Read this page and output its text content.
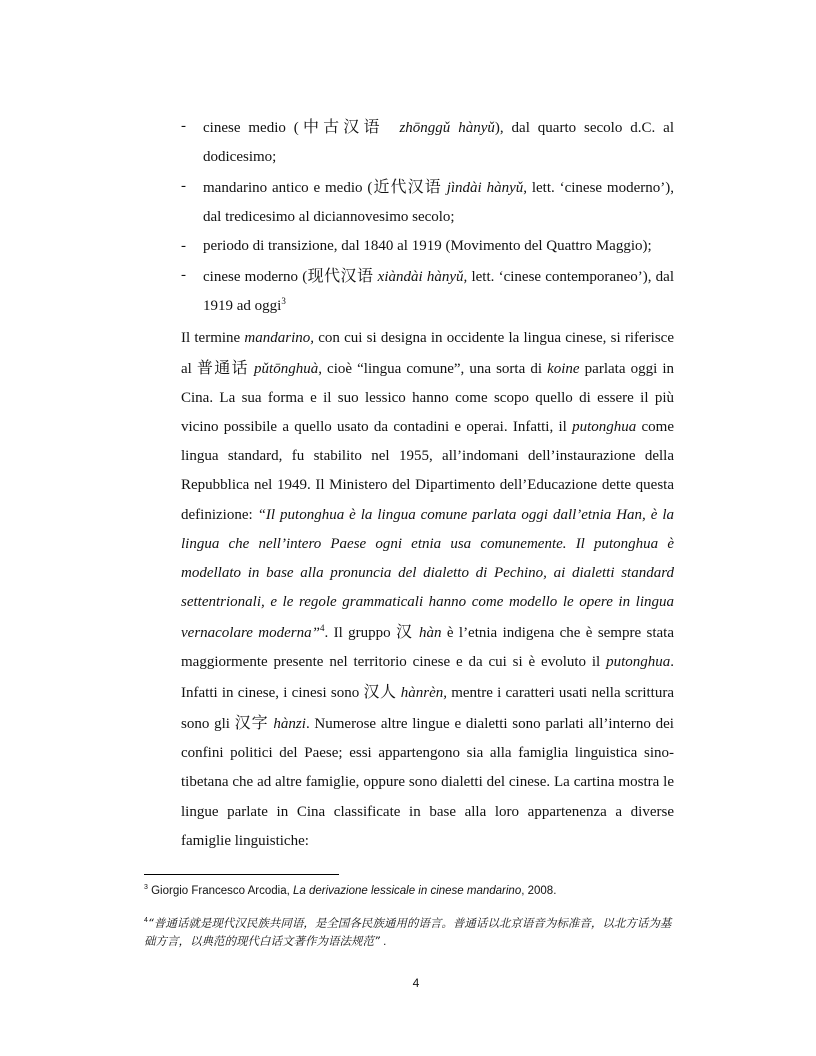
- cinese medio (中古汉语 zhōnggǔ hànyǔ), dal quarto secolo d.C. al dodicesimo;
- mandarino antico e medio (近代汉语 jìndài hànyǔ, lett. ‘cinese moderno’), dal tredicesimo al diciannovesimo secolo;
- periodo di transizione, dal 1840 al 1919 (Movimento del Quattro Maggio);
- cinese moderno (现代汉语 xiàndài hànyǔ, lett. ‘cinese contemporaneo’), dal 1919 ad oggi$^3$

Il termine mandarino, con cui si designa in occidente la lingua cinese, si riferisce al 普通话 pǔtōnghuà, cioè “lingua comune”, una sorta di koine parlata oggi in Cina. La sua forma e il suo lessico hanno come scopo quello di essere il più vicino possibile a quello usato da contadini e operai. Infatti, il putonghua come lingua standard, fu stabilito nel 1955, all’indomani dell’instaurazione della Repubblica nel 1949. Il Ministero del Dipartimento dell’Educazione dette questa definizione: “Il putonghua è la lingua comune parlata oggi dall’etnia Han, è la lingua che nell’intero Paese ogni etnia usa comunemente. Il putonghua è modellato in base alla pronuncia del dialetto di Pechino, ai dialetti standard settentrionali, e le regole grammaticali hanno come modello le opere in lingua vernacolare moderna”$^4$. Il gruppo 汉 hàn è l’etnia indigena che è sempre stata maggiormente presente nel territorio cinese e da cui si è evoluto il putonghua. Infatti in cinese, i cinesi sono 汉人 hànrèn, mentre i caratteri usati nella scrittura sono gli 汉字 hànzi. Numerose altre lingue e dialetti sono parlati all’interno dei confini politici del Paese; essi appartengono sia alla famiglia linguistica sino-tibetana che ad altre famiglie, oppure sono dialetti del cinese. La cartina mostra le lingue parlate in Cina classificate in base alla loro appartenenza a diverse famiglie linguistiche:

$^3$ Giorgio Francesco Arcodia, La derivazione lessicale in cinese mandarino, 2008.

$^4$“普通话就是现代汉民族共同语，是全国各民族通用的语言。普通话以北京语音为标准音，以北方话为基础方言，以典范的现代白话文著作为语法规范” .

4
